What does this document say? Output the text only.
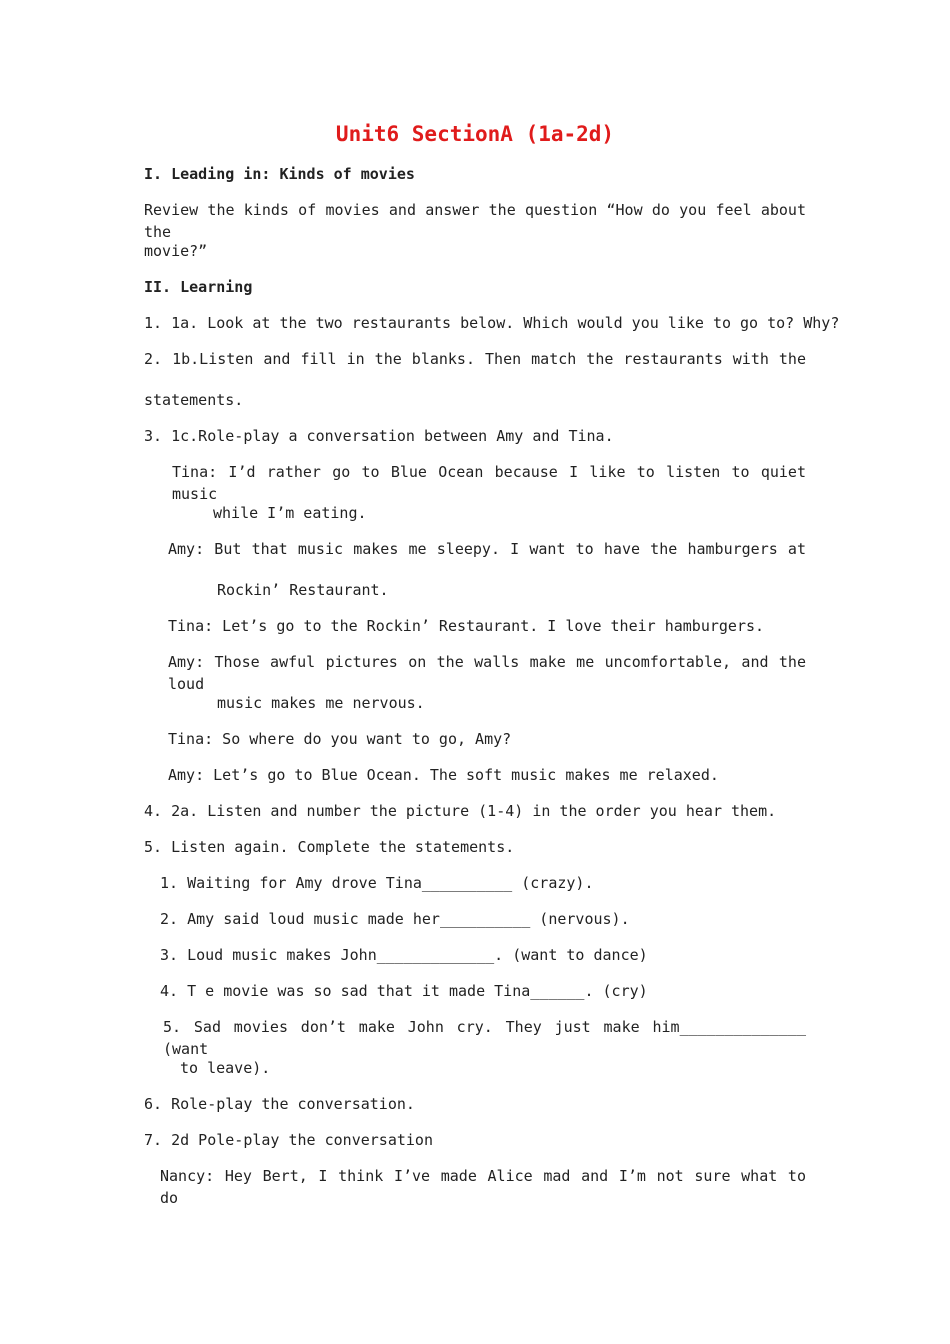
Unit6 SectionA (1a-2d)
I. Leading in: Kinds of movies
Review the kinds of movies and answer the question “How do you feel about the
movie?”
II. Learning
1. 1a. Look at the two restaurants below. Which would you like to go to? Why?
2. 1b.Listen and fill in the blanks. Then match the restaurants with the
statements.
3. 1c.Role-play a conversation between Amy and Tina.
Tina: I’d rather go to Blue Ocean because I like to listen to quiet music
while I’m eating.
Amy: But that music makes me sleepy. I want to have the hamburgers at
Rockin’ Restaurant.
Tina: Let’s go to the Rockin’ Restaurant. I love their hamburgers.
Amy: Those awful pictures on the walls make me uncomfortable, and the loud
music makes me nervous.
Tina: So where do you want to go, Amy?
Amy: Let’s go to Blue Ocean. The soft music makes me relaxed.
4. 2a. Listen and number the picture (1-4) in the order you hear them.
5. Listen again. Complete the statements.
1. Waiting for Amy drove Tina__________ (crazy).
2. Amy said loud music made her__________ (nervous).
3. Loud music makes John_____________. (want to dance)
4. T e movie was so sad that it made Tina______. (cry)
5. Sad movies don’t make John cry. They just make him______________ (want
to leave).
6. Role-play the conversation.
7. 2d Pole-play the conversation
Nancy: Hey Bert, I think I’ve made Alice mad and I’m not sure what to do
